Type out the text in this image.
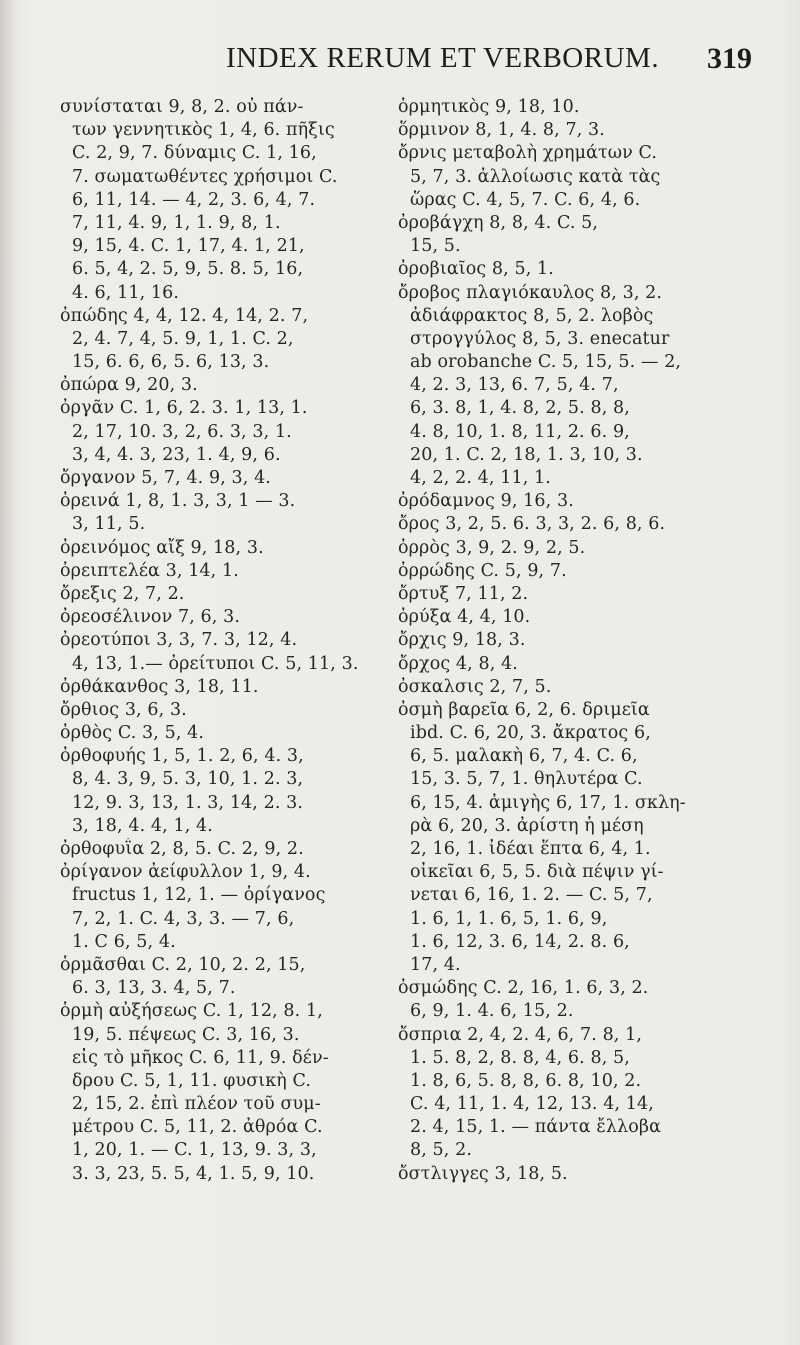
INDEX RERUM ET VERBORUM. 319
συνίσταται 9, 8, 2. οὐ πάν-
των γεννητικὸς 1, 4, 6. πῆξις
C. 2, 9, 7. δύναμις C. 1, 16,
7. σωματωθέντες χρήσιμοι C.
6, 11, 14. — 4, 2, 3. 6, 4, 7.
7, 11, 4. 9, 1, 1. 9, 8, 1.
9, 15, 4. C. 1, 17, 4. 1, 21,
6. 5, 4, 2. 5, 9, 5. 8. 5, 16,
4. 6, 11, 16.
ὀπώδης 4, 4, 12. 4, 14, 2. 7,
2, 4. 7, 4, 5. 9, 1, 1. C. 2,
15, 6. 6, 6, 5. 6, 13, 3.
ὀπώρα 9, 20, 3.
ὀργᾶν C. 1, 6, 2. 3. 1, 13, 1.
2, 17, 10. 3, 2, 6. 3, 3, 1.
3, 4, 4. 3, 23, 1. 4, 9, 6.
ὄργανον 5, 7, 4. 9, 3, 4.
ὀρεινά 1, 8, 1. 3, 3, 1 — 3.
3, 11, 5.
ὀρεινόμος αἴξ 9, 18, 3.
ὀρειπτελέα 3, 14, 1.
ὄρεξις 2, 7, 2.
ὀρεοσέλινον 7, 6, 3.
ὀρεοτύποι 3, 3, 7. 3, 12, 4.
4, 13, 1.— ὀρείτυποι C. 5, 11, 3.
ὀρθάκανθος 3, 18, 11.
ὄρθιος 3, 6, 3.
ὀρθὸς C. 3, 5, 4.
ὀρθοφυής 1, 5, 1. 2, 6, 4. 3,
8, 4. 3, 9, 5. 3, 10, 1. 2. 3,
12, 9. 3, 13, 1. 3, 14, 2. 3.
3, 18, 4. 4, 1, 4.
ὀρθοφυΐα 2, 8, 5. C. 2, 9, 2.
ὀρίγανον ἀείφυλλον 1, 9, 4.
fructus 1, 12, 1. — ὀρίγανος
7, 2, 1. C. 4, 3, 3. — 7, 6,
1. C 6, 5, 4.
ὁρμᾶσθαι C. 2, 10, 2. 2, 15,
6. 3, 13, 3. 4, 5, 7.
ὁρμὴ αὐξήσεως C. 1, 12, 8. 1,
19, 5. πέψεως C. 3, 16, 3.
εἰς τὸ μῆκος C. 6, 11, 9. δέν-
δρου C. 5, 1, 11. φυσικὴ C.
2, 15, 2. ἐπὶ πλέον τοῦ συμ-
μέτρου C. 5, 11, 2. ἀθρόα C.
1, 20, 1. — C. 1, 13, 9. 3, 3,
3. 3, 23, 5. 5, 4, 1. 5, 9, 10.
ὁρμητικὸς 9, 18, 10.
ὅρμινον 8, 1, 4. 8, 7, 3.
ὄρνις μεταβολὴ χρημάτων C.
5, 7, 3. ἀλλοίωσις κατὰ τὰς
ὥρας C. 4, 5, 7. C. 6, 4, 6.
ὀροβάγχη 8, 8, 4. C. 5,
15, 5.
ὀροβιαῖος 8, 5, 1.
ὄροβος πλαγιόκαυλος 8, 3, 2.
ἀδιάφρακτος 8, 5, 2. λοβὸς
στρογγύλος 8, 5, 3. enecatur
ab orobanche C. 5, 15, 5. — 2,
4, 2. 3, 13, 6. 7, 5, 4. 7,
6, 3. 8, 1, 4. 8, 2, 5. 8, 8,
4. 8, 10, 1. 8, 11, 2. 6. 9,
20, 1. C. 2, 18, 1. 3, 10, 3.
4, 2, 2. 4, 11, 1.
ὀρόδαμνος 9, 16, 3.
ὄρος 3, 2, 5. 6. 3, 3, 2. 6, 8, 6.
ὀρρὸς 3, 9, 2. 9, 2, 5.
ὀρρώδης C. 5, 9, 7.
ὄρτυξ 7, 11, 2.
ὀρύξα 4, 4, 10.
ὄρχις 9, 18, 3.
ὄρχος 4, 8, 4.
ὀσκαλσις 2, 7, 5.
ὀσμὴ βαρεῖα 6, 2, 6. δριμεῖα
ibd. C. 6, 20, 3. ἄκρατος 6,
6, 5. μαλακὴ 6, 7, 4. C. 6,
15, 3. 5, 7, 1. θηλυτέρα C.
6, 15, 4. ἀμιγὴς 6, 17, 1. σκλη-
ρὰ 6, 20, 3. ἀρίστη ἡ μέση
2, 16, 1. ἰδέαι ἕπτα 6, 4, 1.
οἰκεῖαι 6, 5, 5. διὰ πέψιν γί-
νεται 6, 16, 1. 2. — C. 5, 7,
1. 6, 1, 1. 6, 5, 1. 6, 9,
1. 6, 12, 3. 6, 14, 2. 8. 6,
17, 4.
ὀσμώδης C. 2, 16, 1. 6, 3, 2.
6, 9, 1. 4. 6, 15, 2.
ὄσπρια 2, 4, 2. 4, 6, 7. 8, 1,
1. 5. 8, 2, 8. 8, 4, 6. 8, 5,
1. 8, 6, 5. 8, 8, 6. 8, 10, 2.
C. 4, 11, 1. 4, 12, 13. 4, 14,
2. 4, 15, 1. — πάντα ἔλλοβα
8, 5, 2.
ὄστλιγγες 3, 18, 5.
